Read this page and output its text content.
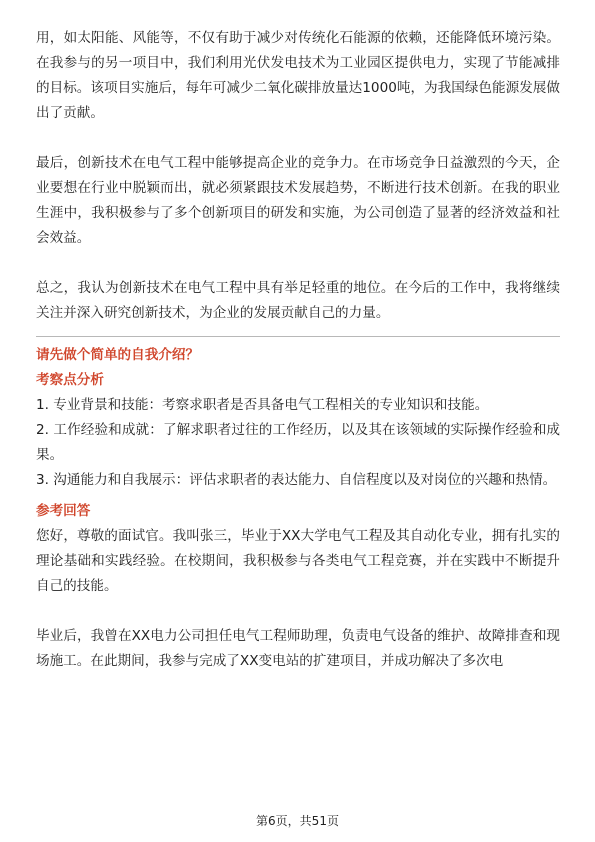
用，如太阳能、风能等，不仅有助于减少对传统化石能源的依赖，还能降低环境污染。在我参与的另一项目中，我们利用光伏发电技术为工业园区提供电力，实现了节能减排的目标。该项目实施后，每年可减少二氧化碳排放量达1000吨，为我国绿色能源发展做出了贡献。

最后，创新技术在电气工程中能够提高企业的竞争力。在市场竞争日益激烈的今天，企业要想在行业中脱颖而出，就必须紧跟技术发展趋势，不断进行技术创新。在我的职业生涯中，我积极参与了多个创新项目的研发和实施，为公司创造了显著的经济效益和社会效益。

总之，我认为创新技术在电气工程中具有举足轻重的地位。在今后的工作中，我将继续关注并深入研究创新技术，为企业的发展贡献自己的力量。

请先做个简单的自我介绍？

考察点分析

1. 专业背景和技能：考察求职者是否具备电气工程相关的专业知识和技能。

2. 工作经验和成就：了解求职者过往的工作经历，以及其在该领域的实际操作经验和成果。

3. 沟通能力和自我展示：评估求职者的表达能力、自信程度以及对岗位的兴趣和热情。

参考回答

您好，尊敬的面试官。我叫张三，毕业于XX大学电气工程及其自动化专业，拥有扎实的理论基础和实践经验。在校期间，我积极参与各类电气工程竞赛，并在实践中不断提升自己的技能。

毕业后，我曾在XX电力公司担任电气工程师助理，负责电气设备的维护、故障排查和现场施工。在此期间，我参与完成了XX变电站的扩建项目，并成功解决了多次电

第6页，共51页
